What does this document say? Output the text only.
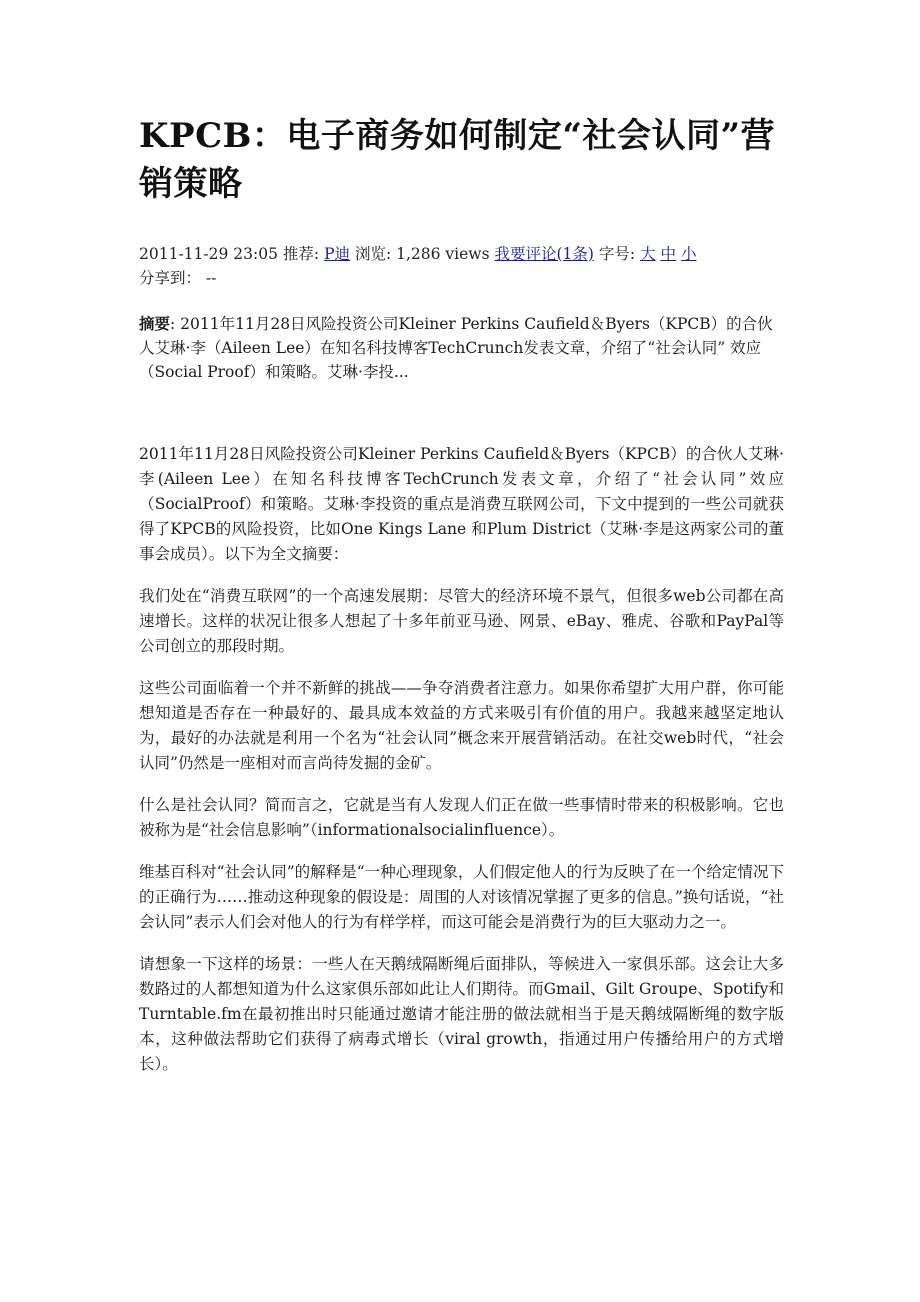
KPCB：电子商务如何制定“社会认同”营销策略
2011-11-29 23:05 推荐: P迪 浏览: 1,286 views 我要评论(1条) 字号: 大 中 小
分享到： --
摘要: 2011年11月28日风险投资公司Kleiner Perkins Caufield＆Byers（KPCB）的合伙人艾琳·李（Aileen Lee）在知名科技博客TechCrunch发表文章，介绍了“社会认同” 效应（Social Proof）和策略。艾琳·李投...

2011年11月28日风险投资公司Kleiner Perkins Caufield＆Byers（KPCB）的合伙人艾琳·李(Aileen Lee）在知名科技博客TechCrunch发表文章，介绍了“社会认同”效应（SocialProof）和策略。艾琳·李投资的重点是消费互联网公司，下文中提到的一些公司就获得了KPCB的风险投资，比如One Kings Lane 和Plum District（艾琳·李是这两家公司的董事会成员）。以下为全文摘要：

我们处在“消费互联网”的一个高速发展期：尽管大的经济环境不景气，但很多web公司都在高速增长。这样的状况让很多人想起了十多年前亚马逊、网景、eBay、雅虎、谷歌和PayPal等公司创立的那段时期。

这些公司面临着一个并不新鲜的挑战——争夺消费者注意力。如果你希望扩大用户群，你可能想知道是否存在一种最好的、最具成本效益的方式来吸引有价值的用户。我越来越坚定地认为，最好的办法就是利用一个名为“社会认同”概念来开展营销活动。在社交web时代，“社会认同”仍然是一座相对而言尚待发掘的金矿。

什么是社会认同？简而言之，它就是当有人发现人们正在做一些事情时带来的积极影响。它也被称为是“社会信息影响”（informationalsocialinfluence）。

维基百科对“社会认同”的解释是“一种心理现象，人们假定他人的行为反映了在一个给定情况下的正确行为……推动这种现象的假设是：周围的人对该情况掌握了更多的信息。”换句话说，“社会认同”表示人们会对他人的行为有样学样，而这可能会是消费行为的巨大驱动力之一。

请想象一下这样的场景：一些人在天鹅绒隔断绳后面排队，等候进入一家俱乐部。这会让大多数路过的人都想知道为什么这家俱乐部如此让人们期待。而Gmail、Gilt Groupe、Spotify和Turntable.fm在最初推出时只能通过邀请才能注册的做法就相当于是天鹅绒隔断绳的数字版本，这种做法帮助它们获得了病毒式增长（viral growth，指通过用户传播给用户的方式增长）。
